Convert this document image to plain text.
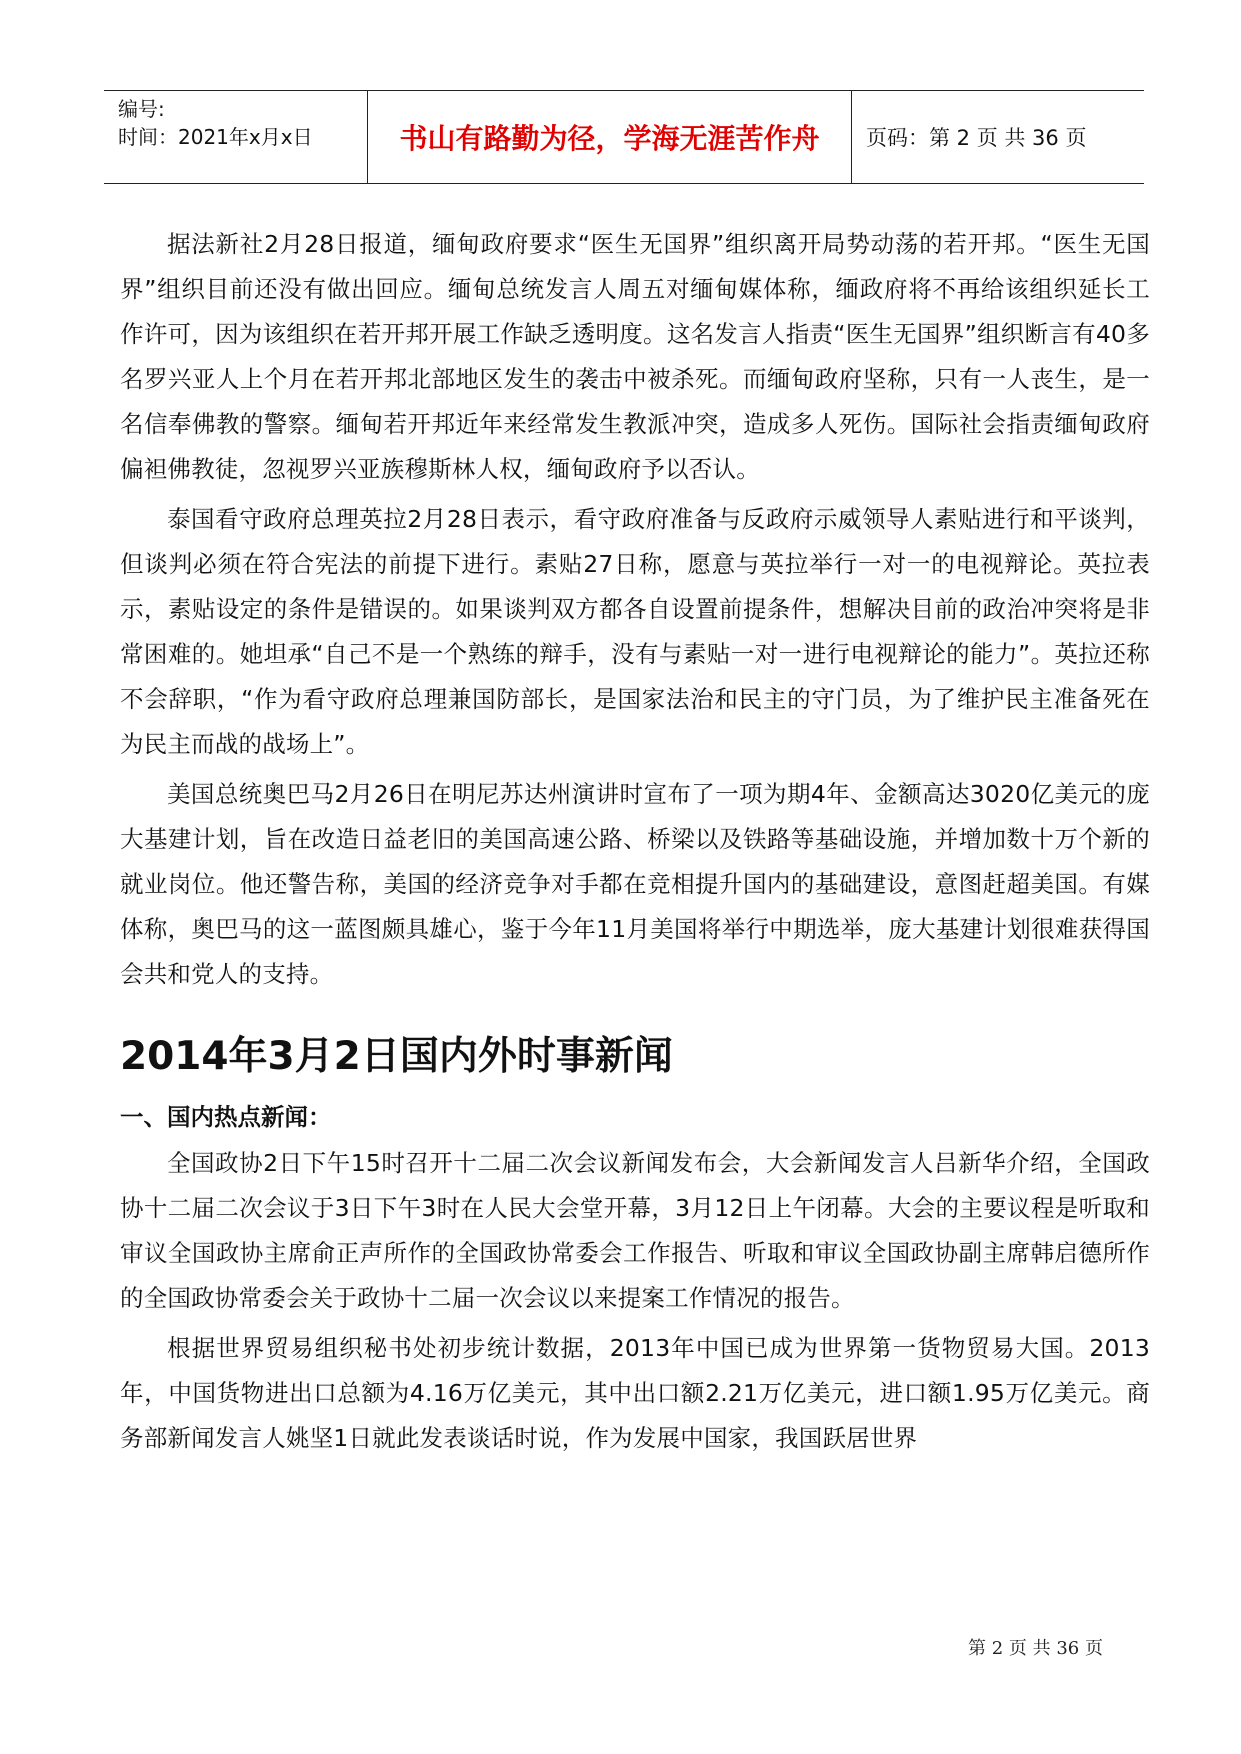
编号:
时间：2021年x月x日	书山有路勤为径，学海无涯苦作舟	页码：第 2 页 共 36 页

据法新社2月28日报道，缅甸政府要求“医生无国界”组织离开局势动荡的若开邦。“医生无国界”组织目前还没有做出回应。缅甸总统发言人周五对缅甸媒体称，缅政府将不再给该组织延长工作许可，因为该组织在若开邦开展工作缺乏透明度。这名发言人指责“医生无国界”组织断言有40多名罗兴亚人上个月在若开邦北部地区发生的袭击中被杀死。而缅甸政府坚称，只有一人丧生，是一名信奉佛教的警察。缅甸若开邦近年来经常发生教派冲突，造成多人死伤。国际社会指责缅甸政府偏袒佛教徒，忽视罗兴亚族穆斯林人权，缅甸政府予以否认。

泰国看守政府总理英拉2月28日表示，看守政府准备与反政府示威领导人素贴进行和平谈判，但谈判必须在符合宪法的前提下进行。素贴27日称，愿意与英拉举行一对一的电视辩论。英拉表示，素贴设定的条件是错误的。如果谈判双方都各自设置前提条件，想解决目前的政治冲突将是非常困难的。她坦承“自己不是一个熟练的辩手，没有与素贴一对一进行电视辩论的能力”。英拉还称不会辞职，“作为看守政府总理兼国防部长，是国家法治和民主的守门员，为了维护民主准备死在为民主而战的战场上”。

美国总统奥巴马2月26日在明尼苏达州演讲时宣布了一项为期4年、金额高达3020亿美元的庞大基建计划，旨在改造日益老旧的美国高速公路、桥梁以及铁路等基础设施，并增加数十万个新的就业岗位。他还警告称，美国的经济竞争对手都在竞相提升国内的基础建设，意图赶超美国。有媒体称，奥巴马的这一蓝图颇具雄心，鉴于今年11月美国将举行中期选举，庞大基建计划很难获得国会共和党人的支持。

2014年3月2日国内外时事新闻
一、国内热点新闻：

全国政协2日下午15时召开十二届二次会议新闻发布会，大会新闻发言人吕新华介绍，全国政协十二届二次会议于3日下午3时在人民大会堂开幕，3月12日上午闭幕。大会的主要议程是听取和审议全国政协主席俞正声所作的全国政协常委会工作报告、听取和审议全国政协副主席韩启德所作的全国政协常委会关于政协十二届一次会议以来提案工作情况的报告。

根据世界贸易组织秘书处初步统计数据，2013年中国已成为世界第一货物贸易大国。2013年，中国货物进出口总额为4.16万亿美元，其中出口额2.21万亿美元，进口额1.95万亿美元。商务部新闻发言人姚坚1日就此发表谈话时说，作为发展中国家，我国跃居世界

第 2 页 共 36 页
